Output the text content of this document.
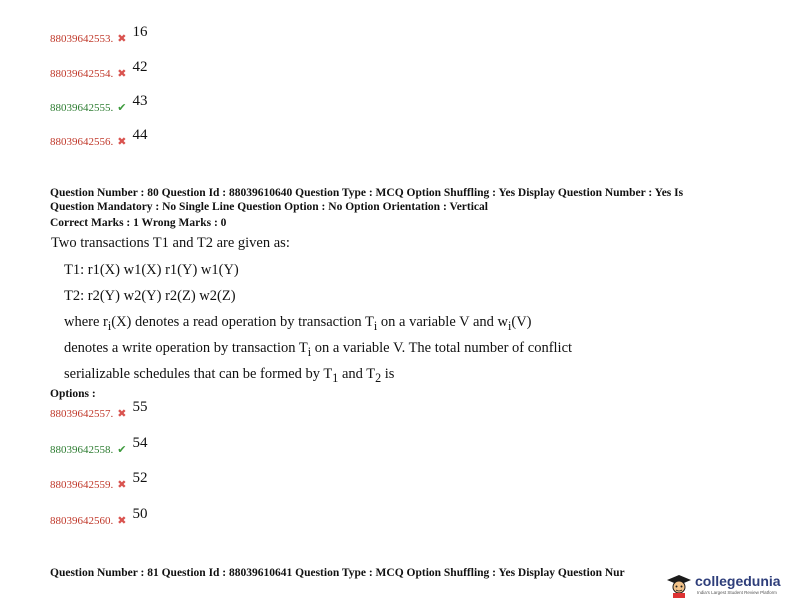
88039642553. ✖ 16
88039642554. ✖ 42
88039642555. ✔ 43
88039642556. ✖ 44
Question Number : 80 Question Id : 88039610640 Question Type : MCQ Option Shuffling : Yes Display Question Number : Yes Is
Question Mandatory : No Single Line Question Option : No Option Orientation : Vertical
Correct Marks : 1 Wrong Marks : 0
Two transactions T1 and T2 are given as:
T1: r1(X) w1(X) r1(Y) w1(Y)
T2: r2(Y) w2(Y) r2(Z) w2(Z)
where $r_i(X)$ denotes a read operation by transaction $T_i$ on a variable V and $w_i(V)$
denotes a write operation by transaction $T_i$ on a variable V. The total number of conflict
serializable schedules that can be formed by $T_1$ and $T_2$ is
Options :
88039642557. ✖ 55
88039642558. ✔ 54
88039642559. ✖ 52
88039642560. ✖ 50
Question Number : 81 Question Id : 88039610641 Question Type : MCQ Option Shuffling : Yes Display Question Nur	collegedunia
India's Largest Student Review Platform
